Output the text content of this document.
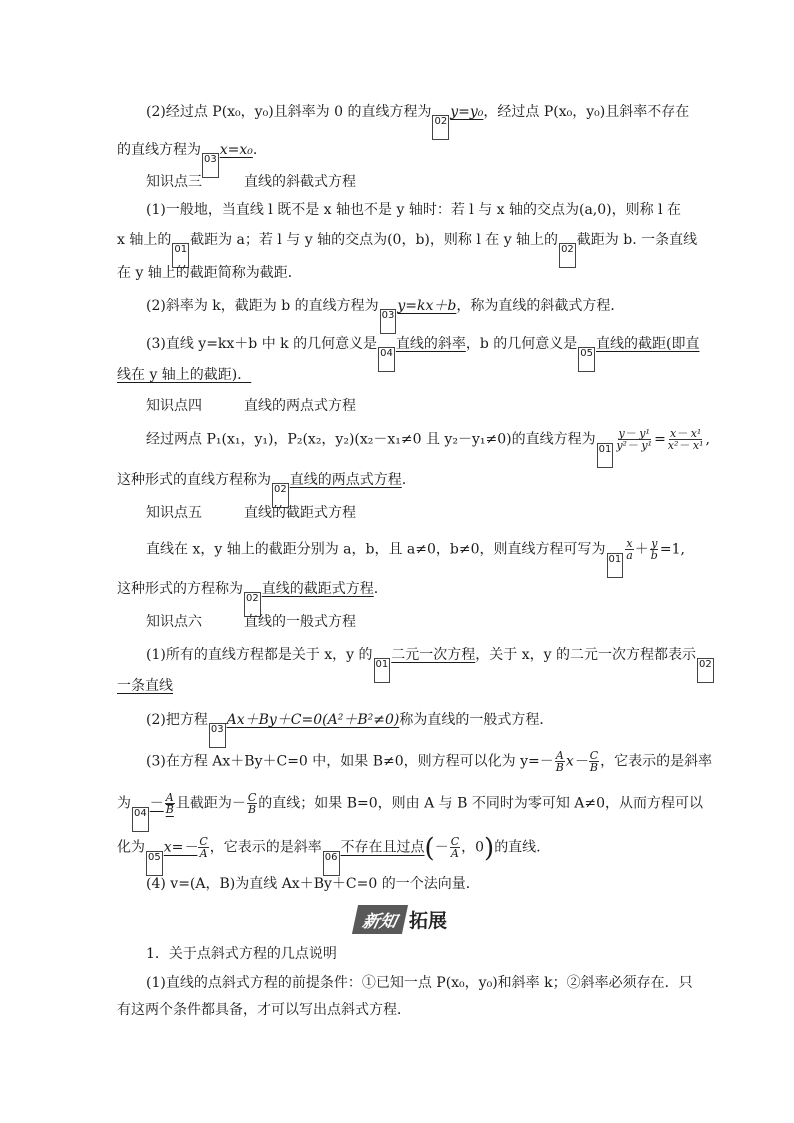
(2)经过点 P(x₀，y₀)且斜率为 0 的直线方程为02y=y₀，经过点 P(x₀，y₀)且斜率不存在
的直线方程为03x=x₀.
知识点三	直线的斜截式方程
(1)一般地，当直线 l 既不是 x 轴也不是 y 轴时：若 l 与 x 轴的交点为(a,0)，则称 l 在
x 轴上的01截距为 a；若 l 与 y 轴的交点为(0，b)，则称 l 在 y 轴上的02截距为 b. 一条直线
在 y 轴上的截距简称为截距．
(2)斜率为 k，截距为 b 的直线方程为03y=kx＋b，称为直线的斜截式方程．
(3)直线 y=kx＋b 中 k 的几何意义是04直线的斜率，b 的几何意义是05直线的截距(即直
线在 y 轴上的截距)．
知识点四	直线的两点式方程
经过两点 P₁(x₁，y₁)，P₂(x₂，y₂)(x₂－x₁≠0 且 y₂－y₁≠0)的直线方程为$01 \frac{\text{y－ y¹}}{\text{y²－ y¹}} = \frac{\text{x－ x¹}}{\text{x²－ x¹}}$ ,
这种形式的直线方程称为02直线的两点式方程.
知识点五	直线的截距式方程
直线在 x，y 轴上的截距分别为 a，b，且 a≠0，b≠0，则直线方程可写为$01 \frac{x}{a} + \frac{y}{b} =1$,
这种形式的方程称为02直线的截距式方程.
知识点六	直线的一般式方程
(1)所有的直线方程都是关于 x，y 的01二元一次方程，关于 x，y 的二元一次方程都表示02
一条直线
(2)把方程03Ax＋By＋C=0(A²＋B²≠0)称为直线的一般式方程．
(3)在方程 Ax＋By＋C=0 中，如果 B≠0，则方程可以化为 $y=- \frac{A}{B} x- \frac{C}{B}$ ，它表示的是斜率
为$04- \frac{A}{B}$ 且截距为－ $\frac{C}{B}$ 的直线；如果 B=0，则由 A 与 B 不同时为零可知 A≠0，从而方程可以
化为$05x=- \frac{C}{A}$ ，它表示的是斜率06不存在且过点(－ $\frac{C}{A}$ ，0)的直线.
(4) v=(A，B)为直线 Ax＋By＋C=0 的一个法向量．
新知 拓展
1．关于点斜式方程的几点说明
(1)直线的点斜式方程的前提条件：①已知一点 P(x₀，y₀)和斜率 k；②斜率必须存在．只
有这两个条件都具备，才可以写出点斜式方程．
